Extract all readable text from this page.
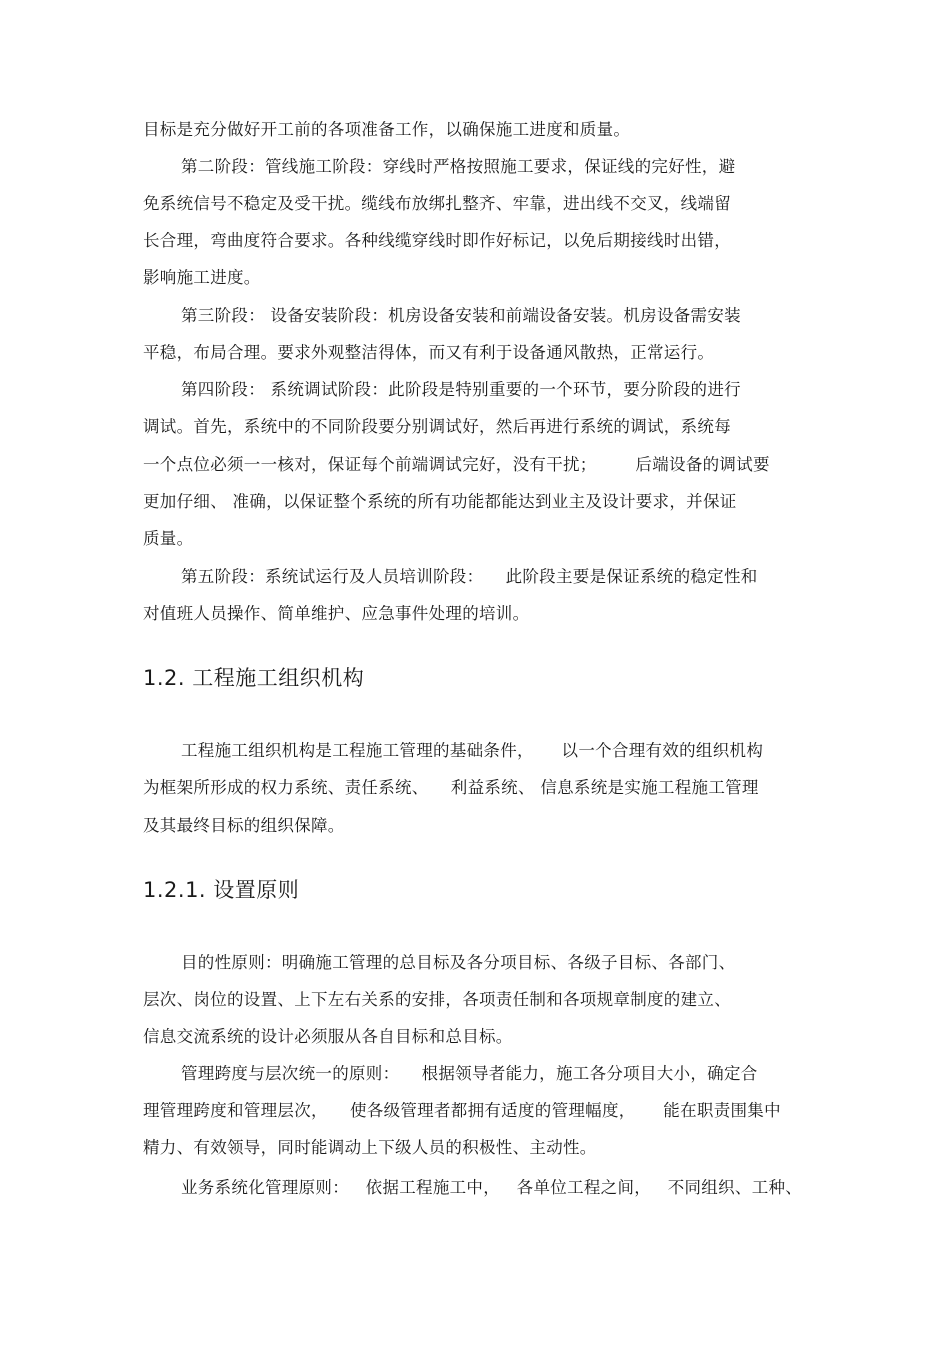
目标是充分做好开工前的各项准备工作，以确保施工进度和质量。
第二阶段：管线施工阶段：穿线时严格按照施工要求，保证线的完好性，避
免系统信号不稳定及受干扰。缆线布放绑扎整齐、牢靠，进出线不交叉，线端留
长合理，弯曲度符合要求。各种线缆穿线时即作好标记，以免后期接线时出错，
影响施工进度。
第三阶段： 设备安装阶段：机房设备安装和前端设备安装。机房设备需安装
平稳，布局合理。要求外观整洁得体，而又有利于设备通风散热，正常运行。
第四阶段： 系统调试阶段：此阶段是特别重要的一个环节，要分阶段的进行
调试。首先，系统中的不同阶段要分别调试好，然后再进行系统的调试，系统每
一个点位必须一一核对，保证每个前端调试完好，没有干扰；       后端设备的调试要
更加仔细、 准确，以保证整个系统的所有功能都能达到业主及设计要求，并保证
质量。
第五阶段：系统试运行及人员培训阶段：    此阶段主要是保证系统的稳定性和
对值班人员操作、简单维护、应急事件处理的培训。
1.2. 工程施工组织机构
工程施工组织机构是工程施工管理的基础条件，     以一个合理有效的组织机构
为框架所形成的权力系统、责任系统、    利益系统、 信息系统是实施工程施工管理
及其最终目标的组织保障。
1.2.1. 设置原则
目的性原则：明确施工管理的总目标及各分项目标、各级子目标、各部门、
层次、岗位的设置、上下左右关系的安排，各项责任制和各项规章制度的建立、
信息交流系统的设计必须服从各自目标和总目标。
管理跨度与层次统一的原则：    根据领导者能力，施工各分项目大小，确定合
理管理跨度和管理层次，    使各级管理者都拥有适度的管理幅度，     能在职责围集中
精力、有效领导，同时能调动上下级人员的积极性、主动性。
业务系统化管理原则：   依据工程施工中，   各单位工程之间，   不同组织、工种、
